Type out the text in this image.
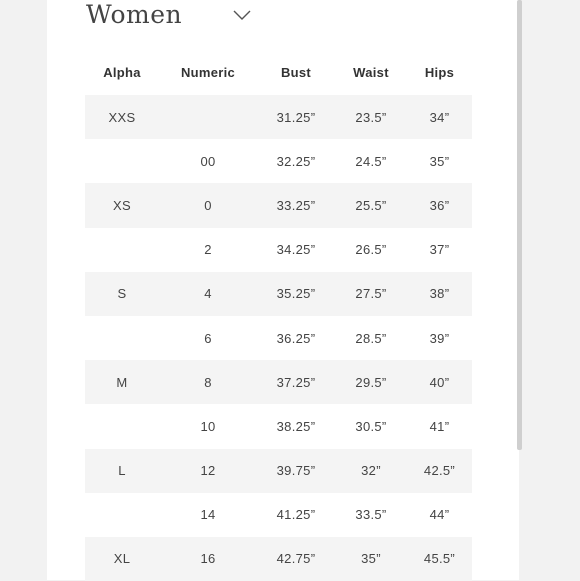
Women
Alpha	Numeric	Bust	Waist	Hips
XXS		31.25”	23.5”	34”
	00	32.25”	24.5”	35”
XS	0	33.25”	25.5”	36”
	2	34.25”	26.5”	37”
S	4	35.25”	27.5”	38”
	6	36.25”	28.5”	39”
M	8	37.25”	29.5”	40”
	10	38.25”	30.5”	41”
L	12	39.75”	32”	42.5”
	14	41.25”	33.5”	44”
XL	16	42.75”	35”	45.5”
